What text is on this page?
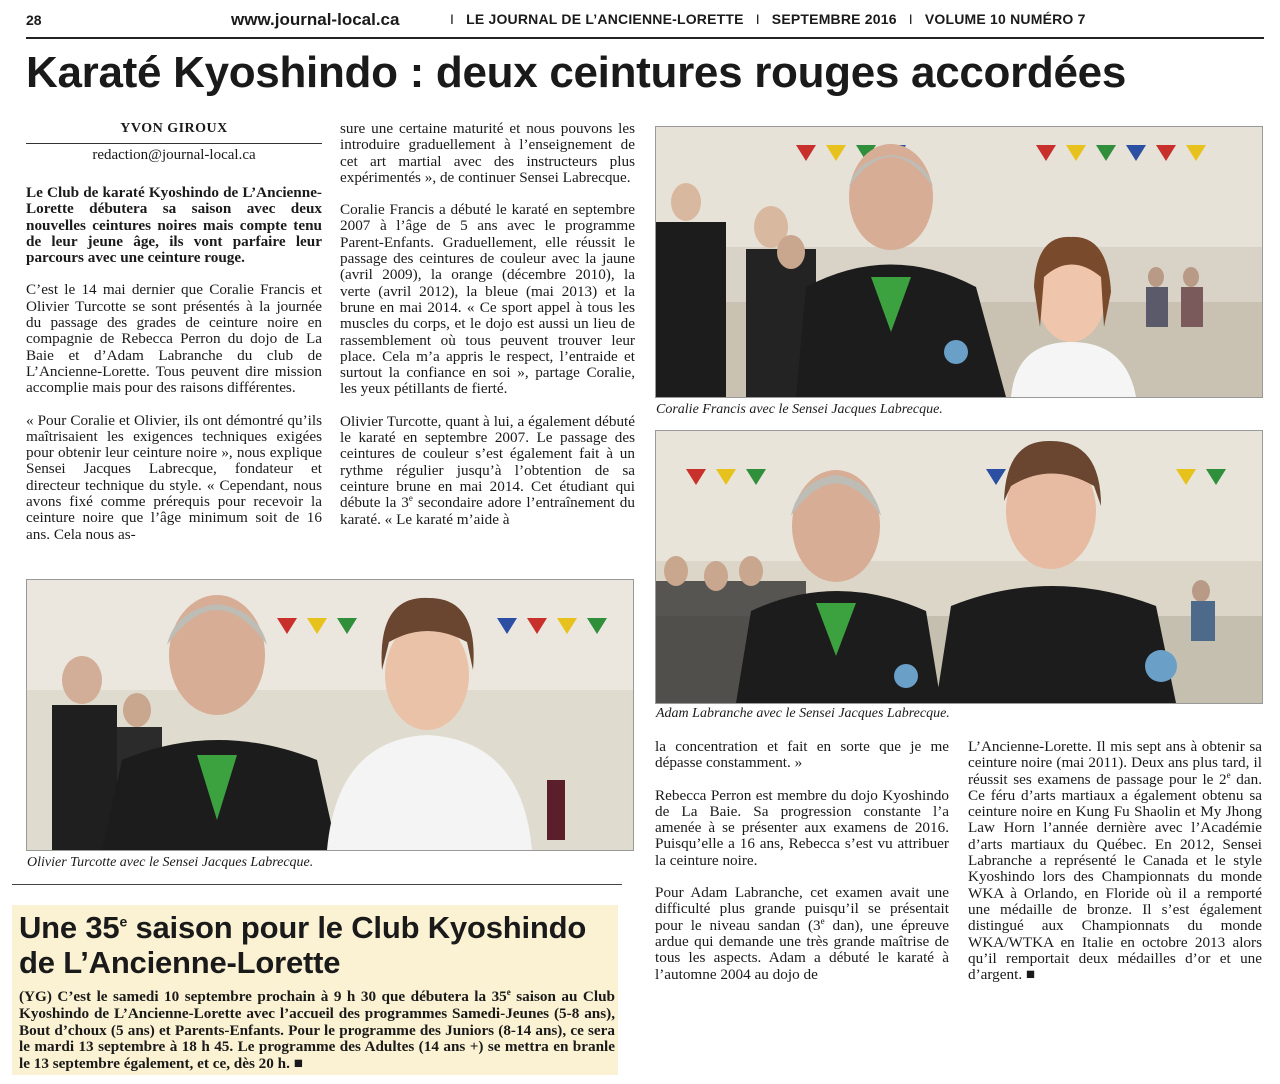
28	www.journal-local.ca	I LE JOURNAL DE L’ANCIENNE-LORETTE I SEPTEMBRE 2016 I VOLUME 10 NUMÉRO 7
Karaté Kyoshindo : deux ceintures rouges accordées
YVON GIROUX
redaction@journal-local.ca

Le Club de karaté Kyoshindo de L’Ancienne-Lorette débutera sa saison avec deux nouvelles ceintures noires mais compte tenu de leur jeune âge, ils vont parfaire leur parcours avec une ceinture rouge.

C’est le 14 mai dernier que Coralie Francis et Olivier Turcotte se sont présentés à la journée du passage des grades de ceinture noire en compagnie de Rebecca Perron du dojo de La Baie et d’Adam Labranche du club de L’Ancienne-Lorette. Tous peuvent dire mission accomplie mais pour des raisons différentes.

« Pour Coralie et Olivier, ils ont démontré qu’ils maîtrisaient les exigences techniques exigées pour obtenir leur ceinture noire », nous explique Sensei Jacques Labrecque, fondateur et directeur technique du style. « Cependant, nous avons fixé comme prérequis pour recevoir la ceinture noire que l’âge minimum soit de 16 ans. Cela nous as-

sure une certaine maturité et nous pouvons les introduire graduellement à l’enseignement de cet art martial avec des instructeurs plus expérimentés », de continuer Sensei Labrecque.

Coralie Francis a débuté le karaté en septembre 2007 à l’âge de 5 ans avec le programme Parent-Enfants. Graduellement, elle réussit le passage des ceintures de couleur avec la jaune (avril 2009), la orange (décembre 2010), la verte (avril 2012), la bleue (mai 2013) et la brune en mai 2014. « Ce sport appel à tous les muscles du corps, et le dojo est aussi un lieu de rassemblement où tous peuvent trouver leur place. Cela m’a appris le respect, l’entraide et surtout la confiance en soi », partage Coralie, les yeux pétillants de fierté.

Olivier Turcotte, quant à lui, a également débuté le karaté en septembre 2007. Le passage des ceintures de couleur s’est également fait à un rythme régulier jusqu’à l’obtention de sa ceinture brune en mai 2014. Cet étudiant qui débute la 3e secondaire adore l’entraînement du karaté. « Le karaté m’aide à

Coralie Francis avec le Sensei Jacques Labrecque.
Adam Labranche avec le Sensei Jacques Labrecque.
Olivier Turcotte avec le Sensei Jacques Labrecque.

la concentration et fait en sorte que je me dépasse constamment. »

Rebecca Perron est membre du dojo Kyoshindo de La Baie. Sa progression constante l’a amenée à se présenter aux examens de 2016. Puisqu’elle a 16 ans, Rebecca s’est vu attribuer la ceinture noire.

Pour Adam Labranche, cet examen avait une difficulté plus grande puisqu’il se présentait pour le niveau sandan (3e dan), une épreuve ardue qui demande une très grande maîtrise de tous les aspects. Adam a débuté le karaté à l’automne 2004 au dojo de

L’Ancienne-Lorette. Il mis sept ans à obtenir sa ceinture noire (mai 2011). Deux ans plus tard, il réussit ses examens de passage pour le 2e dan. Ce féru d’arts martiaux a également obtenu sa ceinture noire en Kung Fu Shaolin et My Jhong Law Horn l’année dernière avec l’Académie d’arts martiaux du Québec. En 2012, Sensei Labranche a représenté le Canada et le style Kyoshindo lors des Championnats du monde WKA à Orlando, en Floride où il a remporté une médaille de bronze. Il s’est également distingué aux Championnats du monde WKA/WTKA en Italie en octobre 2013 alors qu’il remportait deux médailles d’or et une d’argent. ■

Une 35e saison pour le Club Kyoshindo de L’Ancienne-Lorette
(YG) C’est le samedi 10 septembre prochain à 9 h 30 que débutera la 35e saison au Club Kyoshindo de L’Ancienne-Lorette avec l’accueil des programmes Samedi-Jeunes (5-8 ans), Bout d’choux (5 ans) et Parents-Enfants. Pour le programme des Juniors (8-14 ans), ce sera le mardi 13 septembre à 18 h 45. Le programme des Adultes (14 ans +) se mettra en branle le 13 septembre également, et ce, dès 20 h. ■
